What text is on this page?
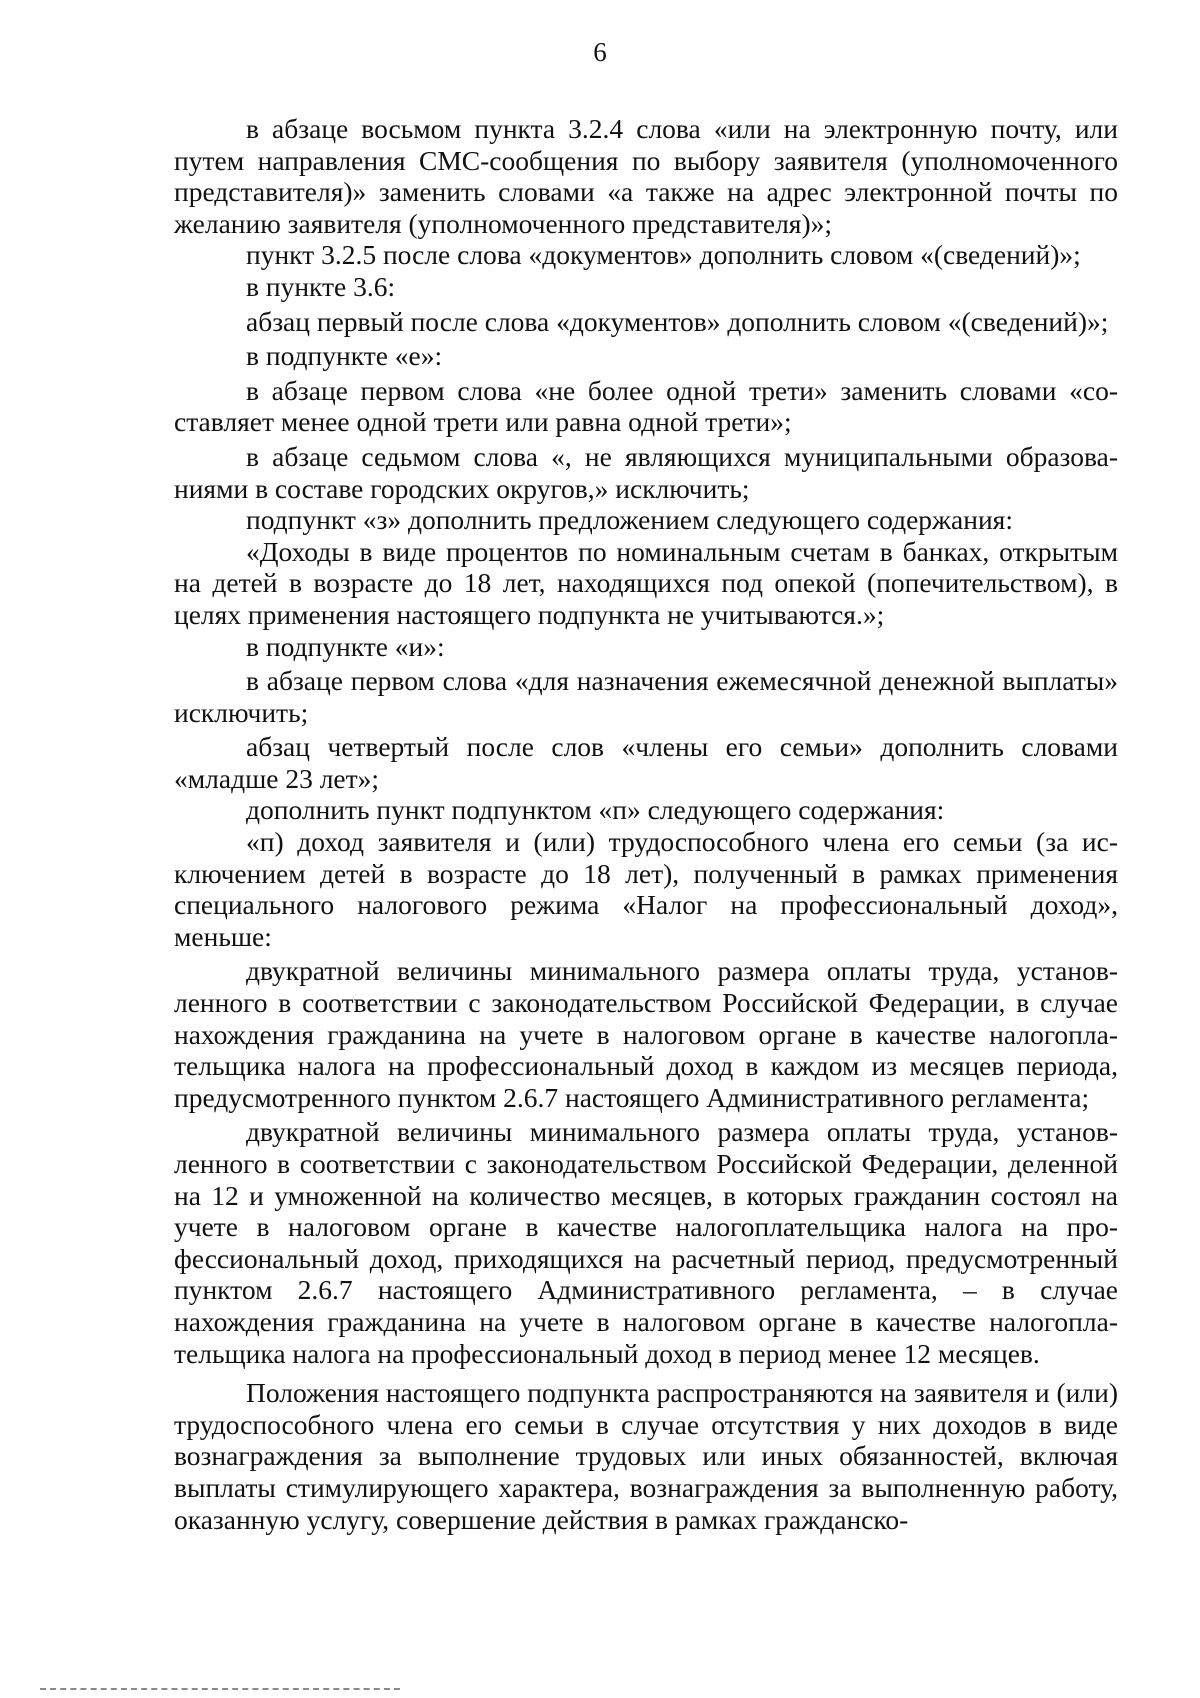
6

в абзаце восьмом пункта 3.2.4 слова «или на электронную почту, или путем направления СМС-сообщения по выбору заявителя (уполномоченного представителя)» заменить словами «а также на адрес электронной почты по желанию заявителя (уполномоченного представителя)»;

пункт 3.2.5 после слова «документов» дополнить словом «(сведений)»;

в пункте 3.6:

абзац первый после слова «документов» дополнить словом «(сведений)»;

в подпункте «е»:

в абзаце первом слова «не более одной трети» заменить словами «составляет менее одной трети или равна одной трети»;

в абзаце седьмом слова «, не являющихся муниципальными образованиями в составе городских округов,» исключить;

подпункт «з» дополнить предложением следующего содержания:

«Доходы в виде процентов по номинальным счетам в банках, открытым на детей в возрасте до 18 лет, находящихся под опекой (попечительством), в целях применения настоящего подпункта не учитываются.»;

в подпункте «и»:

в абзаце первом слова «для назначения ежемесячной денежной выплаты» исключить;

абзац четвертый после слов «члены его семьи» дополнить словами «младше 23 лет»;

дополнить пункт подпунктом «п» следующего содержания:

«п) доход заявителя и (или) трудоспособного члена его семьи (за исключением детей в возрасте до 18 лет), полученный в рамках применения специального налогового режима «Налог на профессиональный доход», меньше:

двукратной величины минимального размера оплаты труда, установленного в соответствии с законодательством Российской Федерации, в случае нахождения гражданина на учете в налоговом органе в качестве налогоплательщика налога на профессиональный доход в каждом из месяцев периода, предусмотренного пунктом 2.6.7 настоящего Административного регламента;

двукратной величины минимального размера оплаты труда, установленного в соответствии с законодательством Российской Федерации, деленной на 12 и умноженной на количество месяцев, в которых гражданин состоял на учете в налоговом органе в качестве налогоплательщика налога на профессиональный доход, приходящихся на расчетный период, предусмотренный пунктом 2.6.7 настоящего Административного регламента, – в случае нахождения гражданина на учете в налоговом органе в качестве налогоплательщика налога на профессиональный доход в период менее 12 месяцев.

Положения настоящего подпункта распространяются на заявителя и (или) трудоспособного члена его семьи в случае отсутствия у них доходов в виде вознаграждения за выполнение трудовых или иных обязанностей, включая выплаты стимулирующего характера, вознаграждения за выполненную работу, оказанную услугу, совершение действия в рамках гражданско-
